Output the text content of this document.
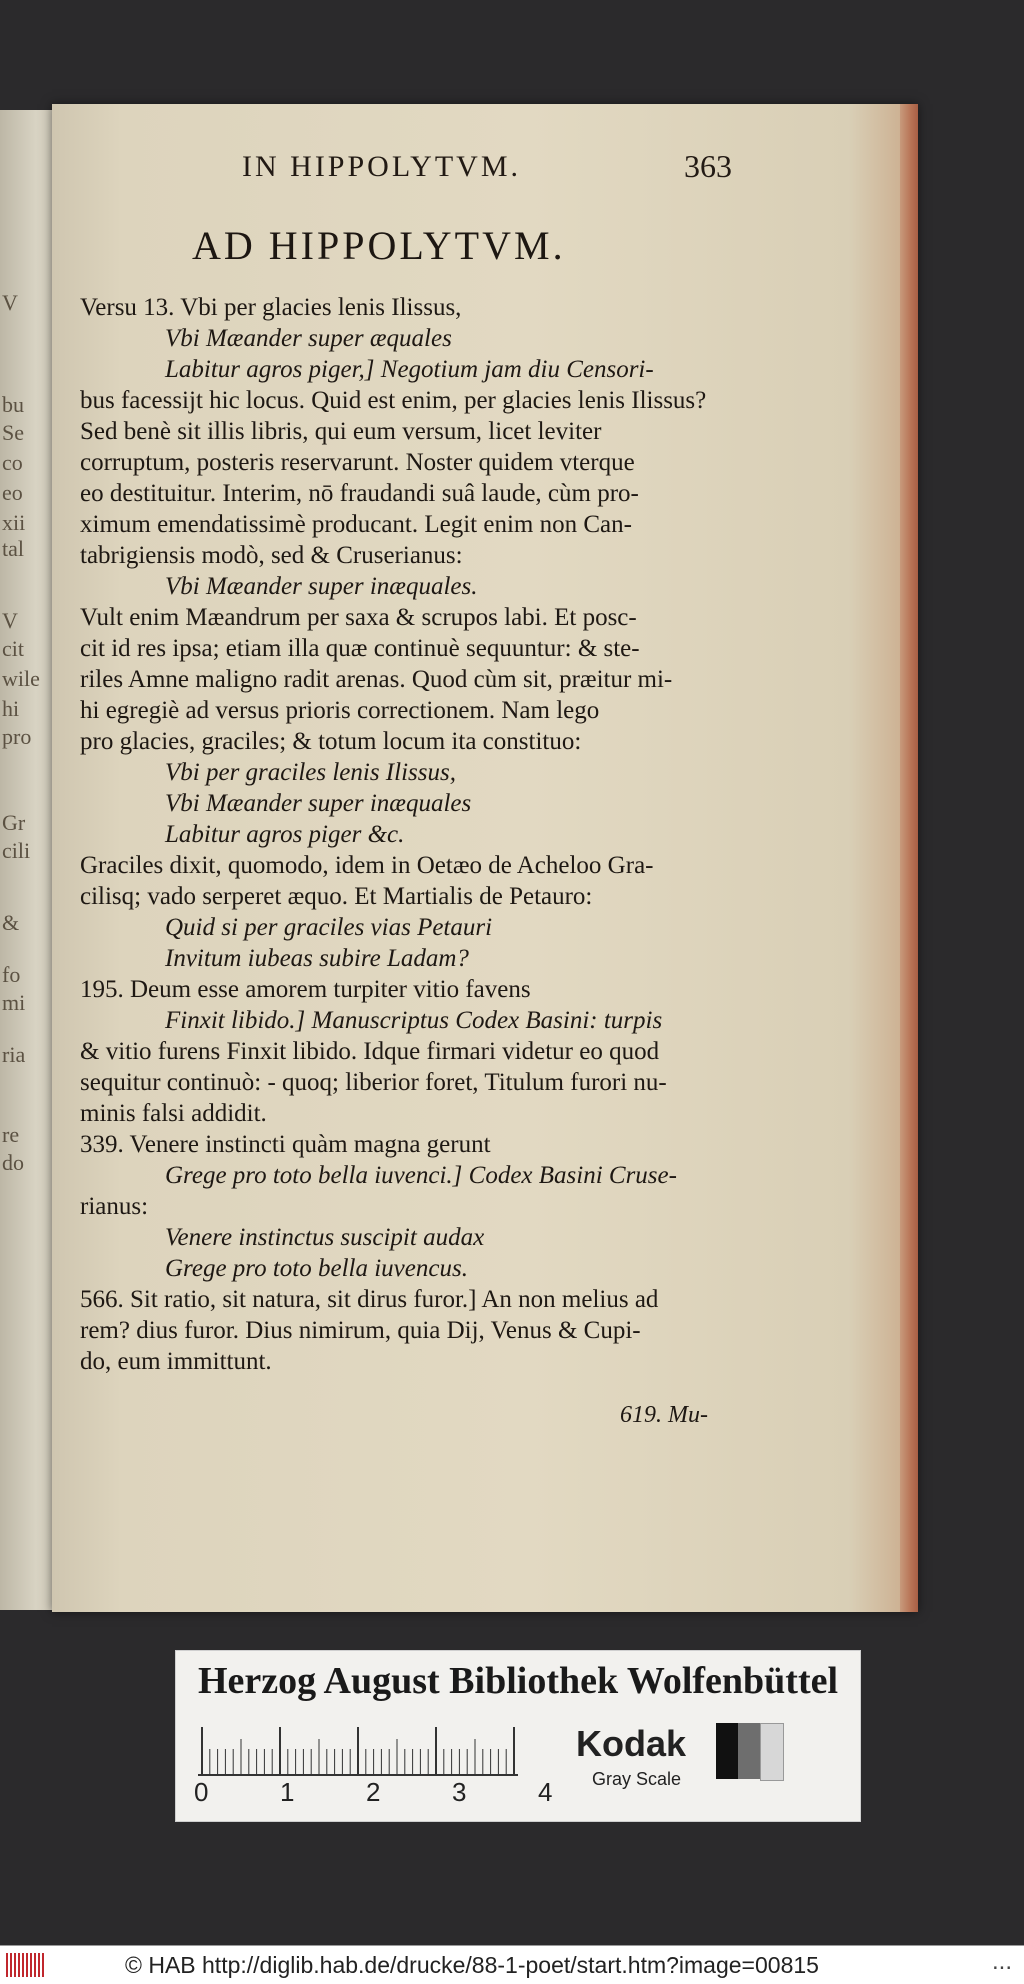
V
bu
Se
co
eo
xii
tal
V
cit
wile
hi
pro
Gr
cili
&
fo
mi
ria
re
do
IN HIPPOLYTVM.	363
AD HIPPOLYTVM.
Versu 13. Vbi per glacies lenis Ilissus,
Vbi Mæander super æquales
Labitur agros piger,] Negotium jam diu Censori-
bus facessijt hic locus. Quid est enim, per glacies lenis Ilissus?
Sed benè sit illis libris, qui eum versum, licet leviter
corruptum, posteris reservarunt. Noster quidem vterque
eo destituitur. Interim, nō fraudandi suâ laude, cùm pro-
ximum emendatissimè producant. Legit enim non Can-
tabrigiensis modò, sed & Cruserianus:
Vbi Mæander super inæquales.
Vult enim Mæandrum per saxa & scrupos labi. Et posc-
cit id res ipsa; etiam illa quæ continuè sequuntur: & ste-
riles Amne maligno radit arenas. Quod cùm sit, præitur mi-
hi egregiè ad versus prioris correctionem. Nam lego
pro glacies, graciles; & totum locum ita constituo:
Vbi per graciles lenis Ilissus,
Vbi Mæander super inæquales
Labitur agros piger &c.
Graciles dixit, quomodo, idem in Oetæo de Acheloo Gra-
cilisq; vado serperet æquo. Et Martialis de Petauro:
Quid si per graciles vias Petauri
Invitum iubeas subire Ladam?
195. Deum esse amorem turpiter vitio favens
Finxit libido.] Manuscriptus Codex Basini: turpis
& vitio furens Finxit libido. Idque firmari videtur eo quod
sequitur continuò: - quoq; liberior foret, Titulum furori nu-
minis falsi addidit.
339. Venere instincti quàm magna gerunt
Grege pro toto bella iuvenci.] Codex Basini Cruse-
rianus:
Venere instinctus suscipit audax
Grege pro toto bella iuvencus.
566. Sit ratio, sit natura, sit dirus furor.] An non melius ad
rem? dius furor. Dius nimirum, quia Dij, Venus & Cupi-
do, eum immittunt.
619. Mu-
Herzog August Bibliothek Wolfenbüttel
0	1	2	3	4
Kodak
Gray Scale
© HAB http://diglib.hab.de/drucke/88-1-poet/start.htm?image=00815	...
